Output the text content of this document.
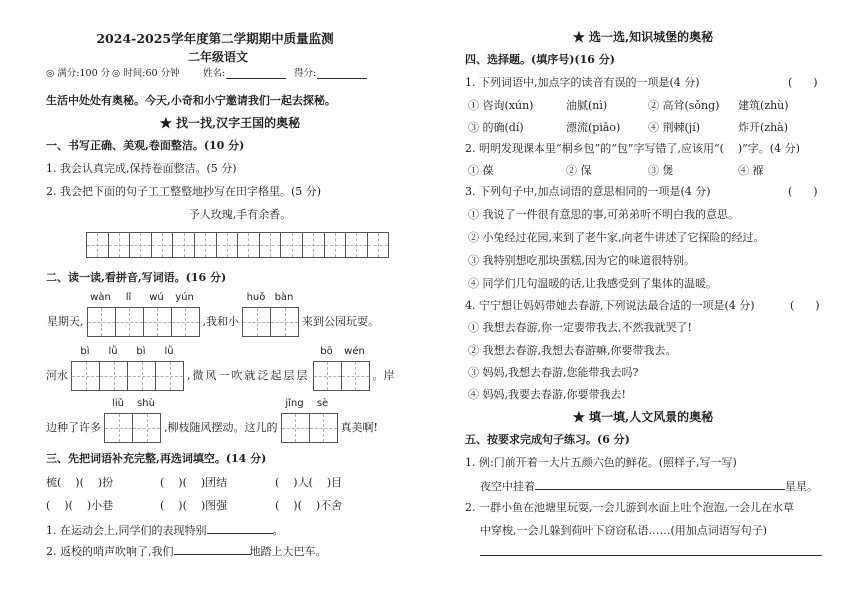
2024-2025学年度第二学期期中质量监测
二年级语文
◎ 满分:100 分 ◎ 时间:60 分钟 姓名:	得分:
生活中处处有奥秘。今天,小奇和小宁邀请我们一起去探秘。
★ 找一找,汉字王国的奥秘
一、书写正确、美观,卷面整洁。(10 分)
1. 我会认真完成,保持卷面整洁。(5 分)
2. 我会把下面的句子工工整整地抄写在田字格里。(5 分)
予人玫瑰,手有余香。
二、读一读,看拼音,写词语。(16 分)
星期天,
wàn	lǐ	wú	yún
,我和小
huǒ bàn
来到公园玩耍。
河水
bì	lǜ	bì	lǜ
,微风一吹就泛起层层
bō	wén
。岸
边种了许多
liǔ	shù
,柳枝随风摆动。这儿的
jǐng	sè
真美啊!
三、先把词语补充完整,再选词填空。(14 分)
梳(    )(    )扮	(    )(    )团结	(    )人(    )目
(    )(    )小巷	(    )(    )图强	(    )(    )不舍
1. 在运动会上,同学们的表现特别	。
2. 返校的哨声吹响了,我们	地踏上大巴车。
★ 选一选,知识城堡的奥秘
四、选择题。(填序号)(16 分)
1. 下列词语中,加点字的读音有误的一项是(4 分)	(      )
① 咨询(xún)	油腻(nì)	② 高耸(sǒng) 建筑(zhù)
③ 的确(dí)	漂流(piāo)	④ 荆棘(jí)	炸开(zhà)
2. 明明发现课本里“桐乡包”的“包”字写错了,应该用“(    )”字。(4 分)
① 葆	② 保	③ 煲	④ 褓
3. 下列句子中,加点词语的意思相同的一项是(4 分)	(      )
① 我说了一件很有意思的事,可弟弟听不明白我的意思。
② 小兔经过花园,来到了老牛家,向老牛讲述了它探险的经过。
③ 我特别想吃那块蛋糕,因为它的味道很特别。
④ 同学们几句温暖的话,让我感受到了集体的温暖。
4. 宁宁想让妈妈带她去春游,下列说法最合适的一项是(4 分)	(      )
① 我想去春游,你一定要带我去,不然我就哭了!
② 我想去春游,我想去春游嘛,你要带我去。
③ 妈妈,我想去春游,您能带我去吗?
④ 妈妈,我要去春游,你要带我去!
★ 填一填,人文风景的奥秘
五、按要求完成句子练习。(6 分)
1. 例:门前开着一大片五颜六色的鲜花。(照样子,写一写)
夜空中挂着	星星。
2. 一群小鱼在池塘里玩耍,一会儿游到水面上吐个泡泡,一会儿在水草
中穿梭,一会儿躲到荷叶下窃窃私语……(用加点词语写句子)
